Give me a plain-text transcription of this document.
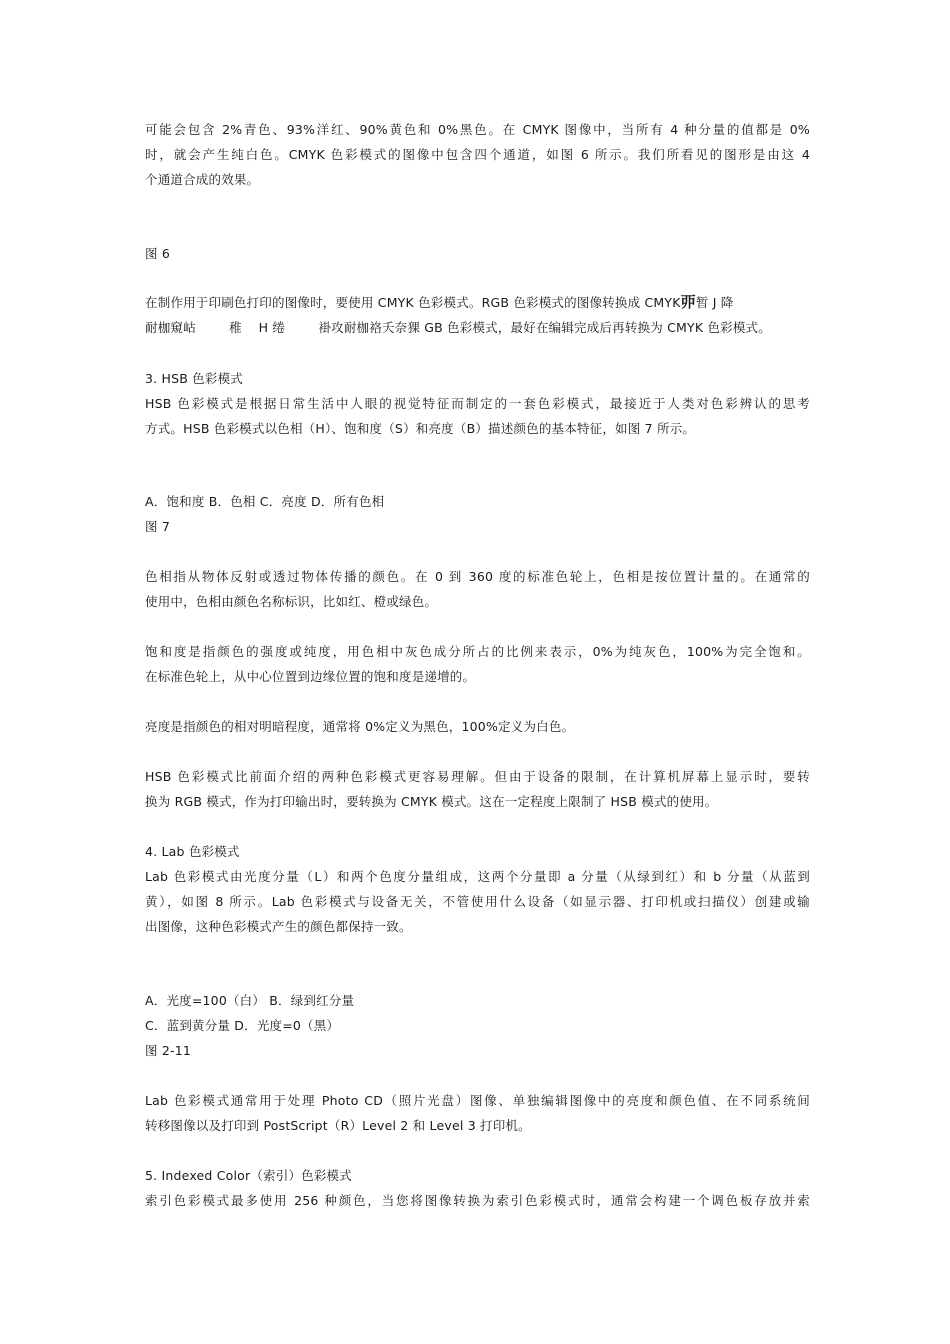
可能会包含 2%青色、93%洋红、90%黄色和 0%黑色。在 CMYK 图像中，当所有 4 种分量的值都是 0%
时，就会产生纯白色。CMYK 色彩模式的图像中包含四个通道，如图 6 所示。我们所看见的图形是由这 4
个通道合成的效果。
图 6
在制作用于印刷色打印的图像时，要使用 CMYK 色彩模式。RGB 色彩模式的图像转换成 CMYK丣暂 J 降
耐枷窺岵        稚    H 绻        褂攻耐枷袼夭奈猓 GB 色彩模式，最好在编辑完成后再转换为 CMYK 色彩模式。
3. HSB 色彩模式
HSB 色彩模式是根据日常生活中人眼的视觉特征而制定的一套色彩模式，最接近于人类对色彩辨认的思考
方式。HSB 色彩模式以色相（H）、饱和度（S）和亮度（B）描述颜色的基本特征，如图 7 所示。
A．饱和度 B．色相 C．亮度 D．所有色相
图 7
色相指从物体反射或透过物体传播的颜色。在 0 到 360 度的标准色轮上，色相是按位置计量的。在通常的
使用中，色相由颜色名称标识，比如红、橙或绿色。
饱和度是指颜色的强度或纯度，用色相中灰色成分所占的比例来表示，0%为纯灰色，100%为完全饱和。
在标准色轮上，从中心位置到边缘位置的饱和度是递增的。
亮度是指颜色的相对明暗程度，通常将 0%定义为黑色，100%定义为白色。
HSB 色彩模式比前面介绍的两种色彩模式更容易理解。但由于设备的限制，在计算机屏幕上显示时，要转
换为 RGB 模式，作为打印输出时，要转换为 CMYK 模式。这在一定程度上限制了 HSB 模式的使用。
4. Lab 色彩模式
Lab 色彩模式由光度分量（L）和两个色度分量组成，这两个分量即 a 分量（从绿到红）和 b 分量（从蓝到
黄），如图 8 所示。Lab 色彩模式与设备无关，不管使用什么设备（如显示器、打印机或扫描仪）创建或输
出图像，这种色彩模式产生的颜色都保持一致。
A．光度=100（白） B．绿到红分量
C．蓝到黄分量 D．光度=0（黑）
图 2-11
Lab 色彩模式通常用于处理 Photo CD（照片光盘）图像、单独编辑图像中的亮度和颜色值、在不同系统间
转移图像以及打印到 PostScript（R）Level 2 和 Level 3 打印机。
5. Indexed Color（索引）色彩模式
索引色彩模式最多使用 256 种颜色，当您将图像转换为索引色彩模式时，通常会构建一个调色板存放并索
